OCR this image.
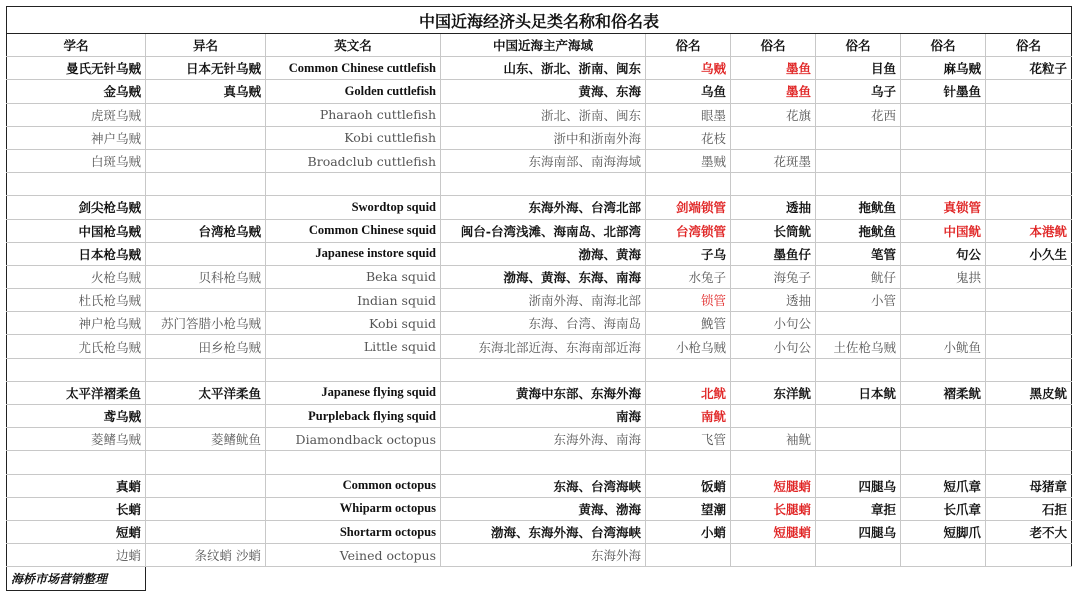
中国近海经济头足类名称和俗名表								
学名	异名	英文名	中国近海主产海域	俗名	俗名	俗名	俗名	俗名
曼氏无针乌贼	日本无针乌贼	Common Chinese cuttlefish	山东、浙北、浙南、闽东	乌贼	墨鱼	目鱼	麻乌贼	花粒子
金乌贼	真乌贼	Golden cuttlefish	黄海、东海	乌鱼	墨鱼	乌子	针墨鱼	
虎斑乌贼		Pharaoh cuttlefish	浙北、浙南、闽东	眼墨	花旗	花西		
神户乌贼		Kobi cuttlefish	浙中和浙南外海	花枝				
白斑乌贼		Broadclub cuttlefish	东海南部、南海海域	墨贼	花斑墨			

剑尖枪乌贼		Swordtop squid	东海外海、台湾北部	剑端锁管	透抽	拖鱿鱼	真锁管	
中国枪乌贼	台湾枪乌贼	Common Chinese squid	闽台-台湾浅滩、海南岛、北部湾	台湾锁管	长筒鱿	拖鱿鱼	中国鱿	本港鱿
日本枪乌贼		Japanese instore squid	渤海、黄海	子乌	墨鱼仔	笔管	句公	小久生
火枪乌贼	贝科枪乌贼	Beka squid	渤海、黄海、东海、南海	水兔子	海兔子	鱿仔	鬼拱	
杜氏枪乌贼		Indian squid	浙南外海、南海北部	锁管	透抽	小管		
神户枪乌贼	苏门答腊小枪乌贼	Kobi squid	东海、台湾、海南岛	鮸管	小句公			
尤氏枪乌贼	田乡枪乌贼	Little squid	东海北部近海、东海南部近海	小枪乌贼	小句公	土佐枪乌贼	小鱿鱼	

太平洋褶柔鱼	太平洋柔鱼	Japanese flying squid	黄海中东部、东海外海	北鱿	东洋鱿	日本鱿	褶柔鱿	黑皮鱿
鸢乌贼		Purpleback flying squid	南海	南鱿				
菱鳍乌贼	菱鳍鱿鱼	Diamondback octopus	东海外海、南海	飞管	袖鱿			

真蛸		Common octopus	东海、台湾海峡	饭蛸	短腿蛸	四腿乌	短爪章	母猪章
长蛸		Whiparm octopus	黄海、渤海	望潮	长腿蛸	章拒	长爪章	石拒
短蛸		Shortarm octopus	渤海、东海外海、台湾海峡	小蛸	短腿蛸	四腿乌	短脚爪	老不大
边蛸	条纹蛸 沙蛸	Veined octopus	东海外海					
海桥市场营销整理								
